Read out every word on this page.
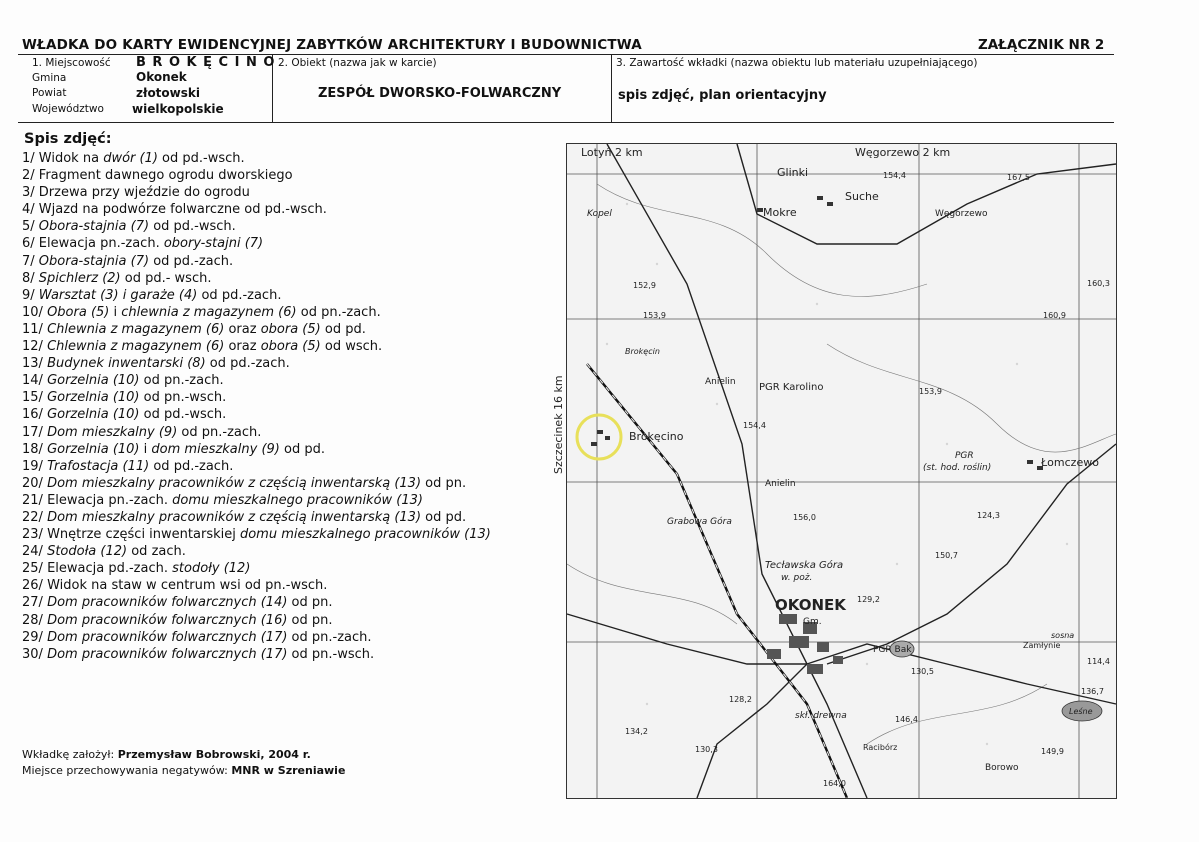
WŁADKA DO KARTY EWIDENCYJNEJ ZABYTKÓW ARCHITEKTURY I BUDOWNICTWA	ZAŁĄCZNIK NR 2
1. Miejscowość B R O K Ę C I N O
Gmina	Okonek
Powiat	złotowski
Województwo wielkopolskie
2. Obiekt (nazwa jak w karcie)
ZESPÓŁ DWORSKO-FOLWARCZNY
3. Zawartość wkładki (nazwa obiektu lub materiału uzupełniającego)
spis zdjęć, plan orientacyjny
Spis zdjęć:
1/ Widok na dwór (1) od pd.-wsch.
2/ Fragment dawnego ogrodu dworskiego
3/ Drzewa przy wjeździe do ogrodu
4/ Wjazd na podwórze folwarczne od pd.-wsch.
5/ Obora-stajnia (7) od pd.-wsch.
6/ Elewacja pn.-zach. obory-stajni (7)
7/ Obora-stajnia (7) od pd.-zach.
8/ Spichlerz (2) od pd.- wsch.
9/ Warsztat (3) i garaże (4) od pd.-zach.
10/ Obora (5) i chlewnia z magazynem (6) od pn.-zach.
11/ Chlewnia z magazynem (6) oraz obora (5) od pd.
12/ Chlewnia z magazynem (6) oraz obora (5) od wsch.
13/ Budynek inwentarski (8) od pd.-zach.
14/ Gorzelnia (10) od pn.-zach.
15/ Gorzelnia (10) od pn.-wsch.
16/ Gorzelnia (10) od pd.-wsch.
17/ Dom mieszkalny (9) od pn.-zach.
18/ Gorzelnia (10) i dom mieszkalny (9) od pd.
19/ Trafostacja (11) od pd.-zach.
20/ Dom mieszkalny pracowników z częścią inwentarską (13) od pn.
21/ Elewacja pn.-zach. domu mieszkalnego pracowników (13)
22/ Dom mieszkalny pracowników z częścią inwentarską (13) od pd.
23/ Wnętrze części inwentarskiej domu mieszkalnego pracowników (13)
24/ Stodoła (12) od zach.
25/ Elewacja pd.-zach. stodoły (12)
26/ Widok na staw w centrum wsi od pn.-wsch.
27/ Dom pracowników folwarcznych (14) od pn.
28/ Dom pracowników folwarcznych (16) od pn.
29/ Dom pracowników folwarcznych (17) od pn.-zach.
30/ Dom pracowników folwarcznych (17) od pn.-wsch.
Wkładkę założył: Przemysław Bobrowski, 2004 r.
Miejsce przechowywania negatywów: MNR w Szreniawie
Lotyń 2 km	Węgorzewo 2 km
Szczecinek 16 km
Glinki
Suche
Mokre
Kopel	Węgorzewo
Brokęcin
Anielin PGR Karolino
Brokęcino
Łomczewo
PGR
(st. hod. roślin)
Anielin
Grabowa Góra
Tecławska Góra
w. poż.
OKONEK
Gm.
PGR Bak	Zamłynie
skł. drewna
Racibórz
Borowo
sosna
Leśne
154,4	167,5
160,3
160,9
152,9
153,9
153,9
154,4
156,0	124,3
150,7
129,2
130,5
114,4
136,7
146,4
149,9
128,2
134,2
130,3
164,0
